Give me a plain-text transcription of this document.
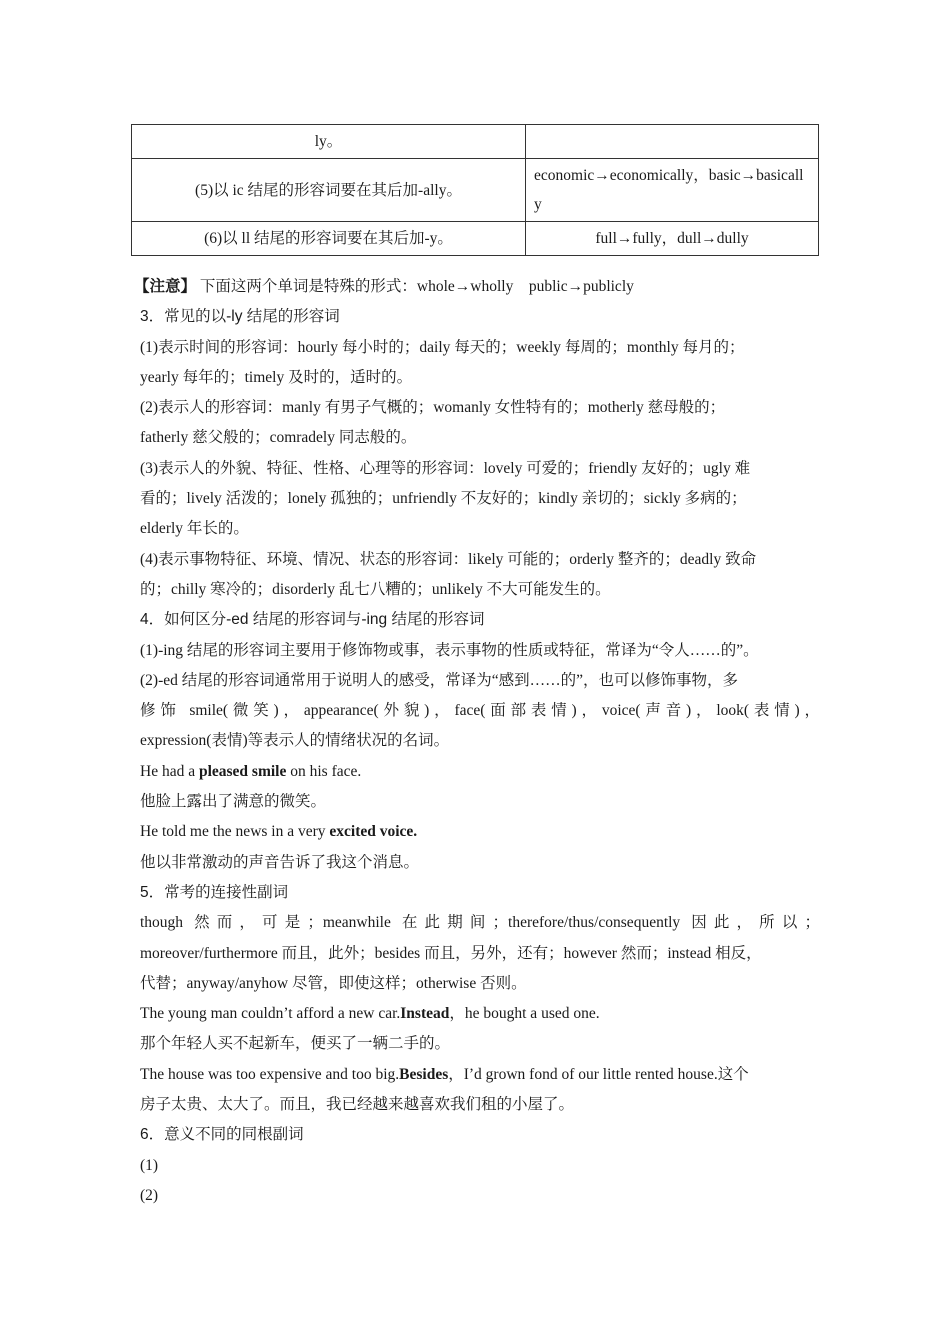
ly。	
(5)以 ic 结尾的形容词要在其后加-ally。	economic→economically，basic→basically
(6)以 ll 结尾的形容词要在其后加-y。	full→fully，dull→dully
【注意】 下面这两个单词是特殊的形式：whole→wholly　public→publicly
3．常见的以-ly 结尾的形容词
(1)表示时间的形容词：hourly 每小时的；daily 每天的；weekly 每周的；monthly 每月的；
yearly 每年的；timely 及时的，适时的。
(2)表示人的形容词：manly 有男子气概的；womanly 女性特有的；motherly 慈母般的；
fatherly 慈父般的；comradely 同志般的。
(3)表示人的外貌、特征、性格、心理等的形容词：lovely 可爱的；friendly 友好的；ugly 难
看的；lively 活泼的；lonely 孤独的；unfriendly 不友好的；kindly 亲切的；sickly 多病的；
elderly 年长的。
(4)表示事物特征、环境、情况、状态的形容词：likely 可能的；orderly 整齐的；deadly 致命
的；chilly 寒冷的；disorderly 乱七八糟的；unlikely 不大可能发生的。
4．如何区分-ed 结尾的形容词与-ing 结尾的形容词
(1)-ing 结尾的形容词主要用于修饰物或事，表示事物的性质或特征，常译为“令人……的”。
(2)-ed 结尾的形容词通常用于说明人的感受，常译为“感到……的”，也可以修饰事物，多
修饰 smile(微笑)，appearance(外貌)，face(面部表情)，voice(声音)，look(表情)，
expression(表情)等表示人的情绪状况的名词。
He had a pleased smile on his face.
他脸上露出了满意的微笑。
He told me the news in a very excited voice.
他以非常激动的声音告诉了我这个消息。
5．常考的连接性副词
though 然而，可是；meanwhile 在此期间；therefore/thus/consequently 因此，所以；
moreover/furthermore 而且，此外；besides 而且，另外，还有；however 然而；instead 相反，
代替；anyway/anyhow 尽管，即使这样；otherwise 否则。
The young man couldn’t afford a new car.Instead，he bought a used one.
那个年轻人买不起新车，便买了一辆二手的。
The house was too expensive and too big.Besides，I’d grown fond of our little rented house.这个
房子太贵、太大了。而且，我已经越来越喜欢我们租的小屋了。
6．意义不同的同根副词
(1)
(2)
